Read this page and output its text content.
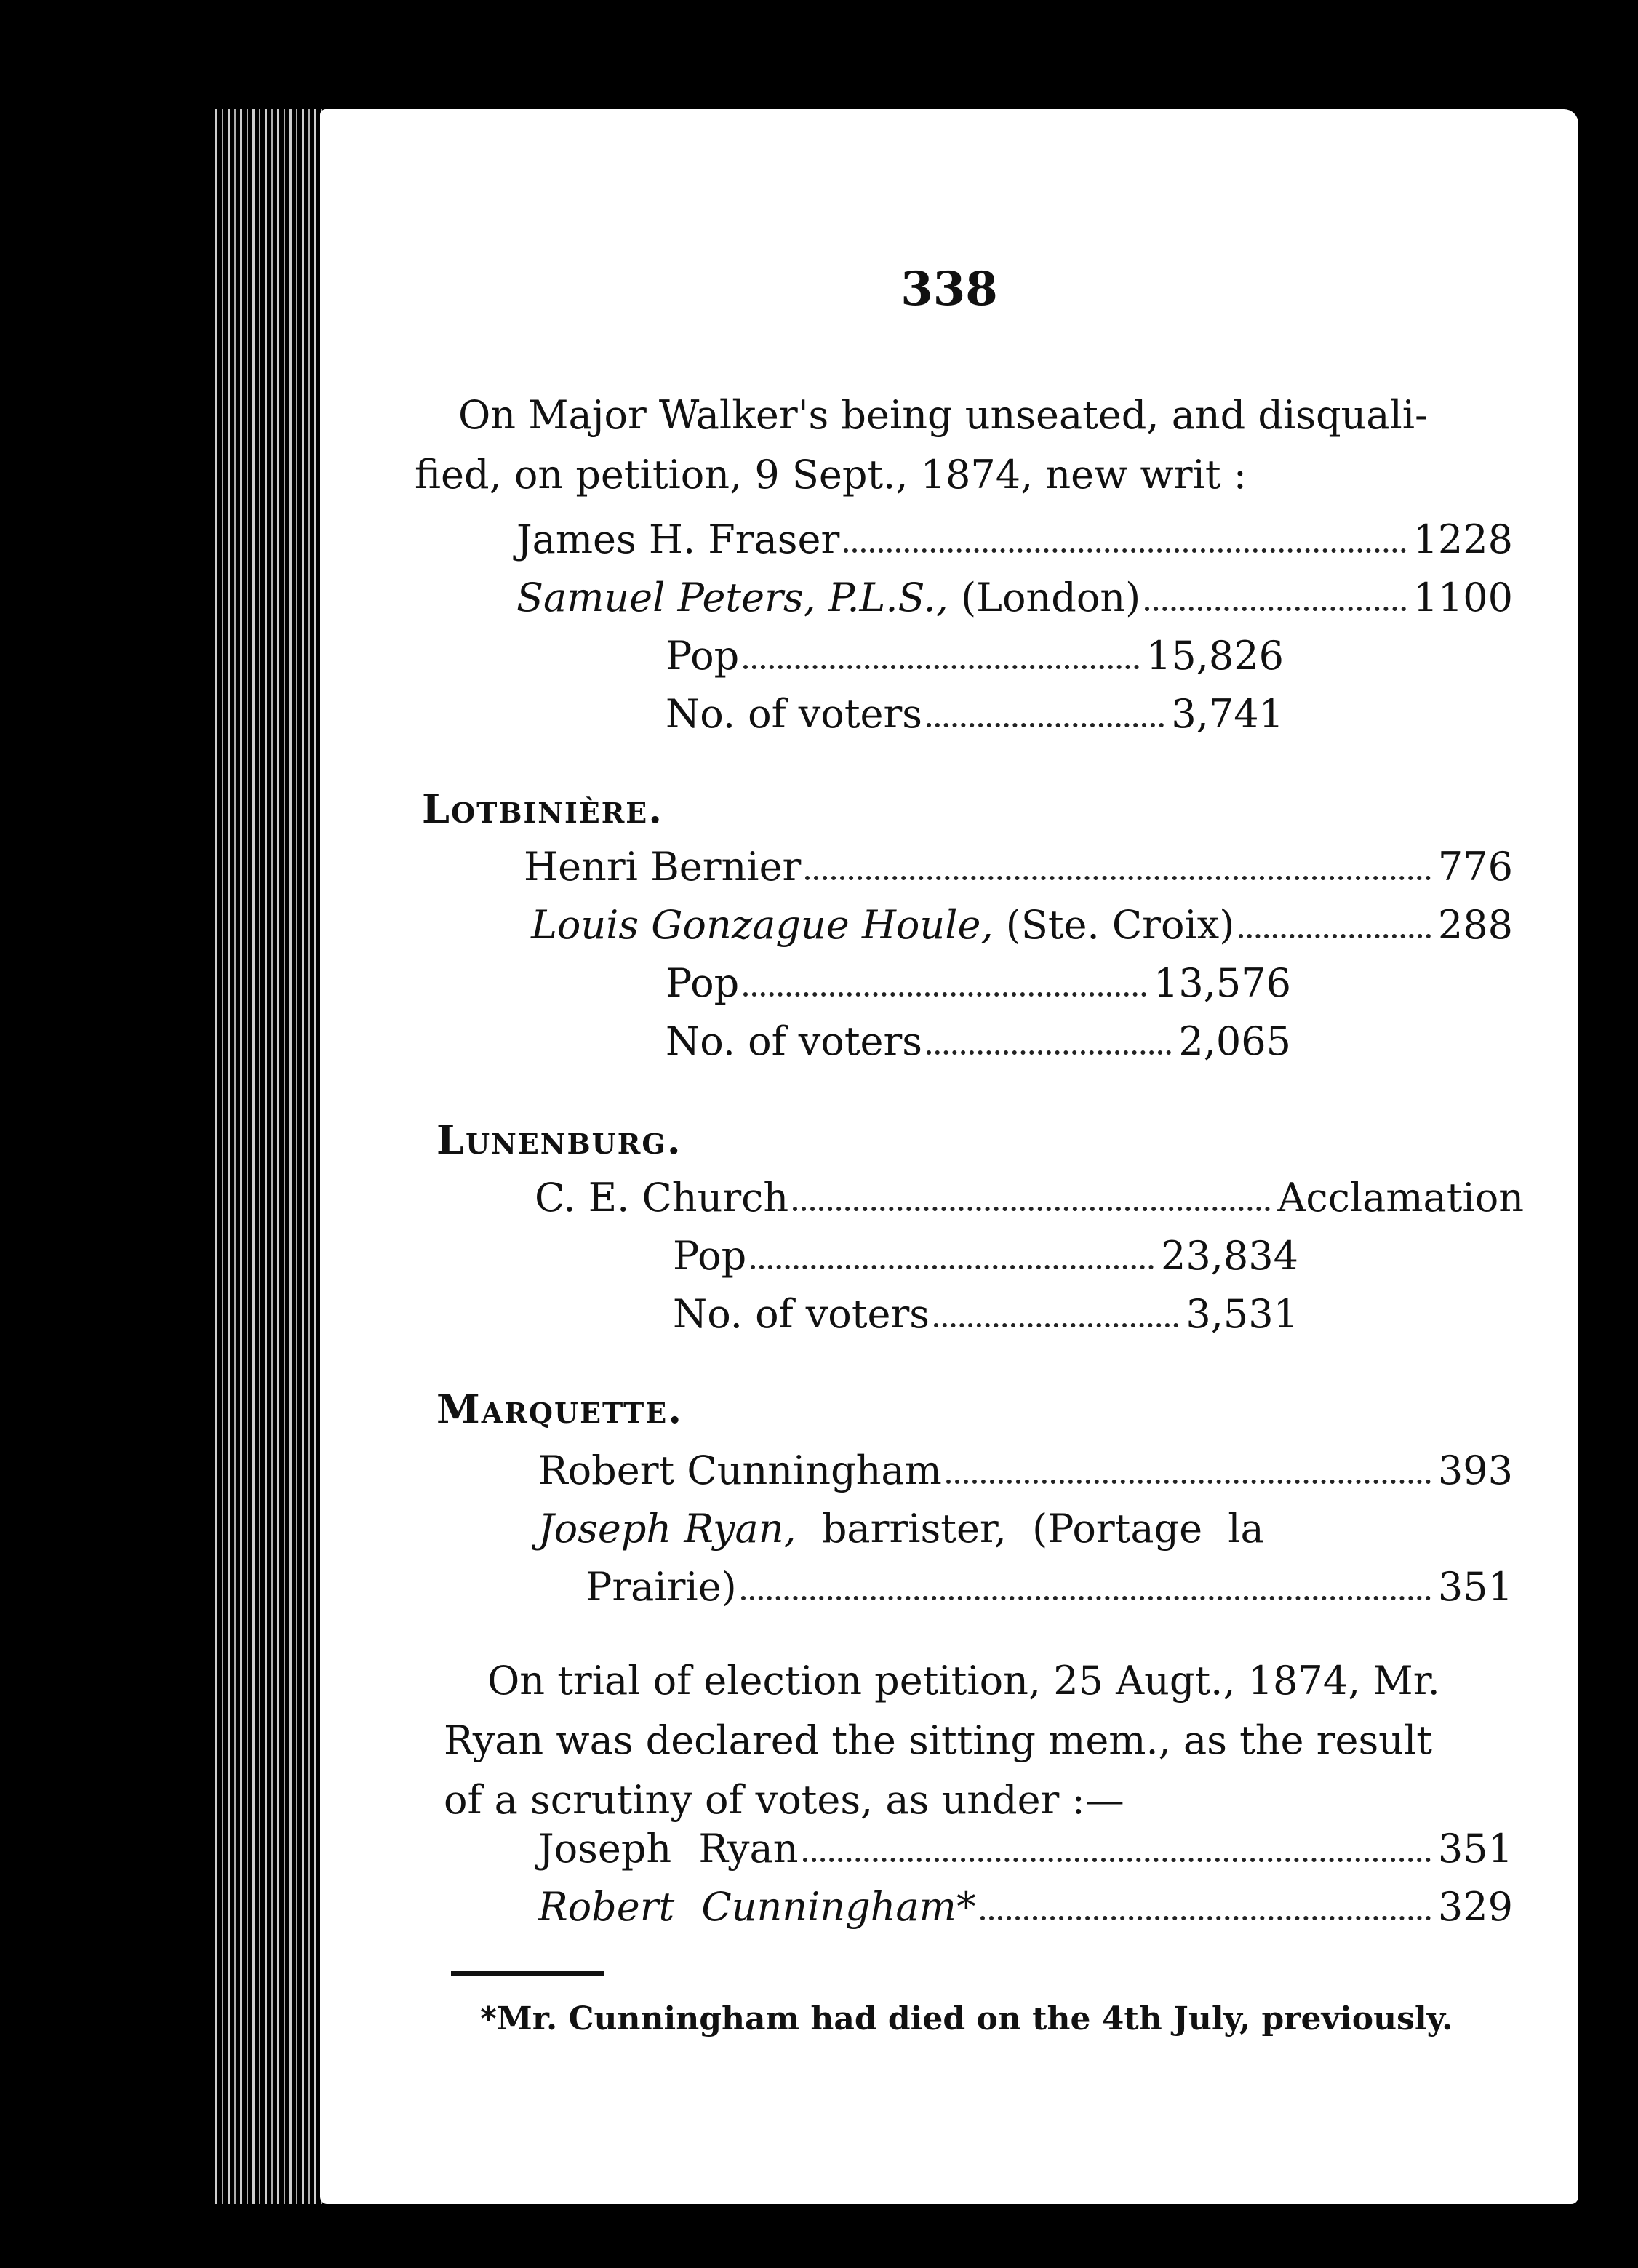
338
On Major Walker's being unseated, and disquali-
fied, on petition, 9 Sept., 1874, new writ :
James H. Fraser	1228
Samuel Peters, P.L.S., (London)	1100
Pop	15,826
No. of voters	3,741
Lotbinière.
Henri Bernier	776
Louis Gonzague Houle, (Ste. Croix)	288
Pop	13,576
No. of voters	2,065
Lunenburg.
C. E. Church	Acclamation
Pop	23,834
No. of voters	3,531
Marquette.
Robert Cunningham	393
Joseph Ryan, barrister, (Portage la
Prairie)	351
On trial of election petition, 25 Augt., 1874, Mr.
Ryan was declared the sitting mem., as the result
of a scrutiny of votes, as under :—
Joseph Ryan	351
Robert Cunningham*	329
*Mr. Cunningham had died on the 4th July, previously.
